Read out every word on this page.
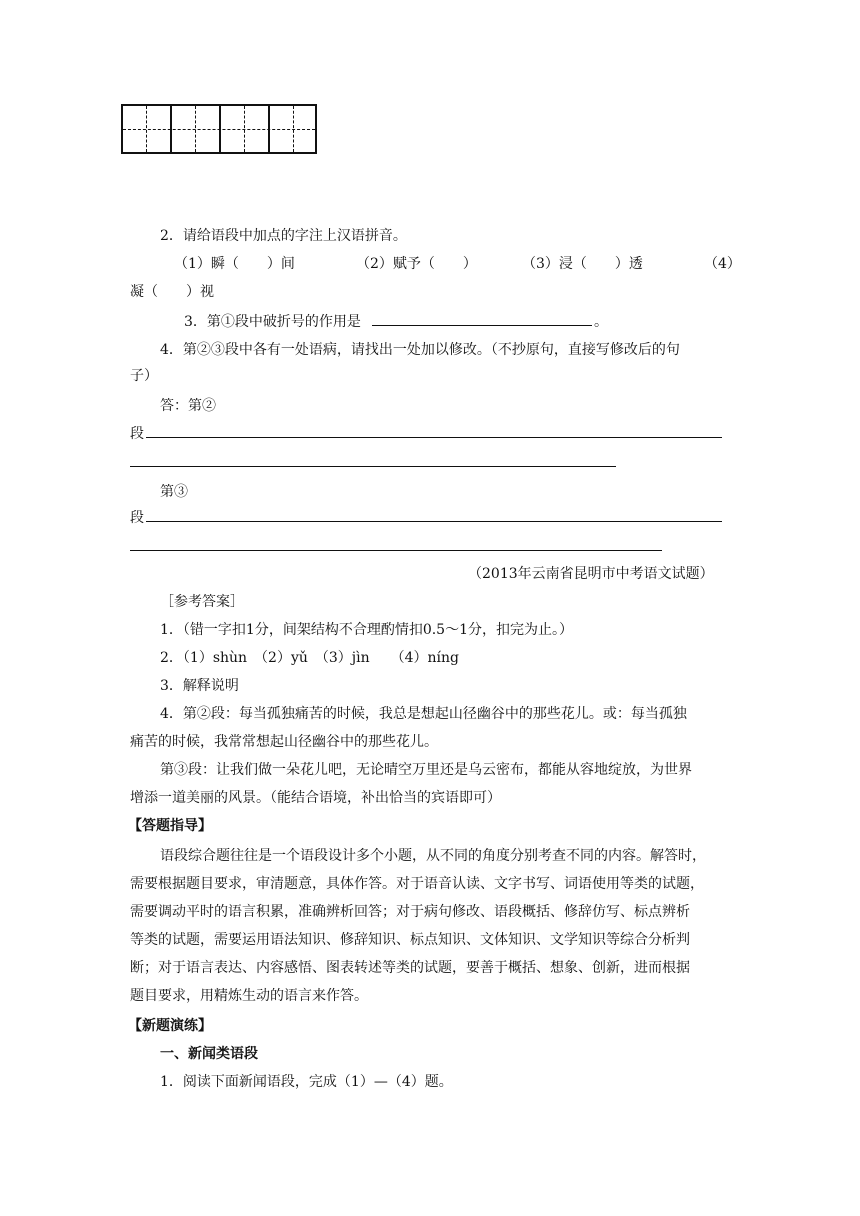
2．请给语段中加点的字注上汉语拼音。
（1）瞬（　　）间	（2）赋予（　　）	（3）浸（　　）透	（4）
凝（　　）视
3．第①段中破折号的作用是	。
4．第②③段中各有一处语病，请找出一处加以修改。（不抄原句，直接写修改后的句
子）
答：第②
段
第③
段
（2013年云南省昆明市中考语文试题）
［参考答案］
1．（错一字扣1分，间架结构不合理酌情扣0.5～1分，扣完为止。）
2．（1）shùn　（2）yǔ　（3）jìn　　（4）níng
3．解释说明
4．第②段：每当孤独痛苦的时候，我总是想起山径幽谷中的那些花儿。或：每当孤独
痛苦的时候，我常常想起山径幽谷中的那些花儿。
第③段：让我们做一朵花儿吧，无论晴空万里还是乌云密布，都能从容地绽放，为世界
增添一道美丽的风景。（能结合语境，补出恰当的宾语即可）
【答题指导】
语段综合题往往是一个语段设计多个小题，从不同的角度分别考查不同的内容。解答时，
需要根据题目要求，审清题意，具体作答。对于语音认读、文字书写、词语使用等类的试题，
需要调动平时的语言积累，准确辨析回答；对于病句修改、语段概括、修辞仿写、标点辨析
等类的试题，需要运用语法知识、修辞知识、标点知识、文体知识、文学知识等综合分析判
断；对于语言表达、内容感悟、图表转述等类的试题，要善于概括、想象、创新，进而根据
题目要求，用精炼生动的语言来作答。
【新题演练】
一、新闻类语段
1．阅读下面新闻语段，完成（1）—（4）题。
